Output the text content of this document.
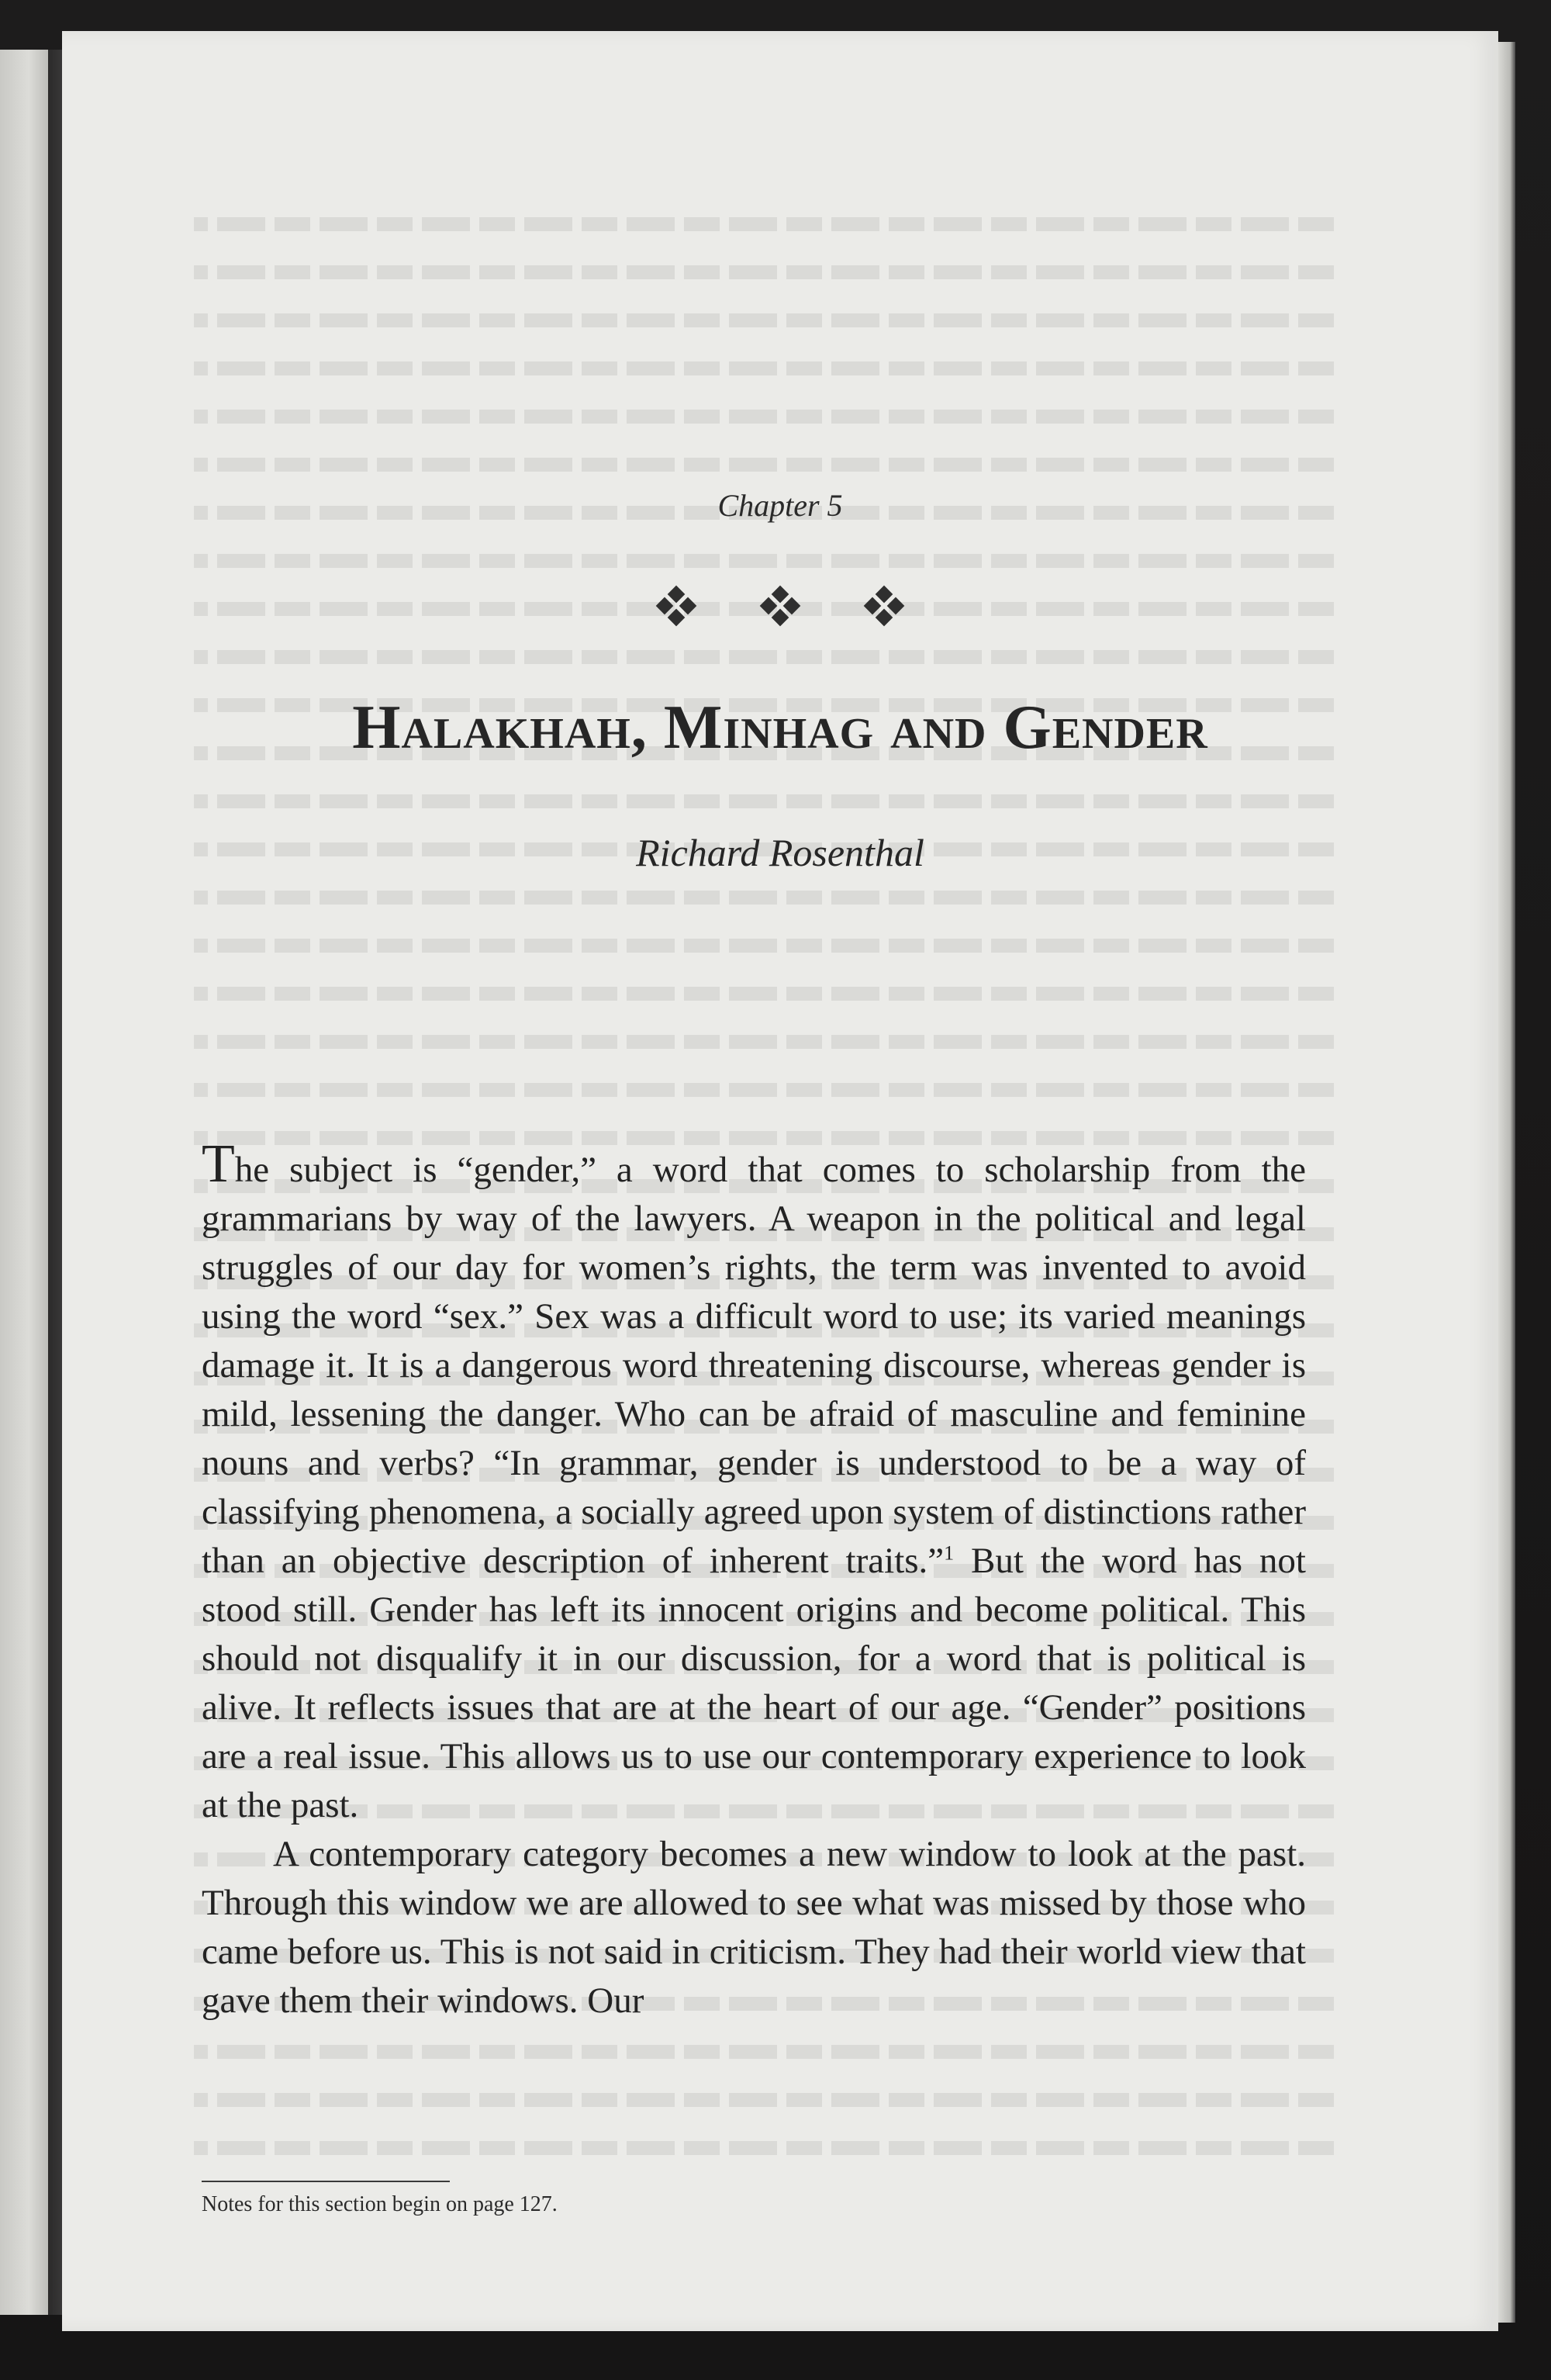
Chapter 5

Halakhah, Minhag and Gender

Richard Rosenthal

The subject is “gender,” a word that comes to scholarship from the grammarians by way of the lawyers. A weapon in the political and legal struggles of our day for women’s rights, the term was invented to avoid using the word “sex.” Sex was a difficult word to use; its varied meanings damage it. It is a dangerous word threatening discourse, whereas gender is mild, lessening the danger. Who can be afraid of masculine and feminine nouns and verbs? “In grammar, gender is understood to be a way of classifying phenomena, a socially agreed upon system of distinctions rather than an objective description of inherent traits.”$^1$ But the word has not stood still. Gender has left its innocent origins and become political. This should not disqualify it in our discussion, for a word that is political is alive. It reflects issues that are at the heart of our age. “Gender” positions are a real issue. This allows us to use our contemporary experience to look at the past.

A contemporary category becomes a new window to look at the past. Through this window we are allowed to see what was missed by those who came before us. This is not said in criticism. They had their world view that gave them their windows. Our

Notes for this section begin on page 127.
